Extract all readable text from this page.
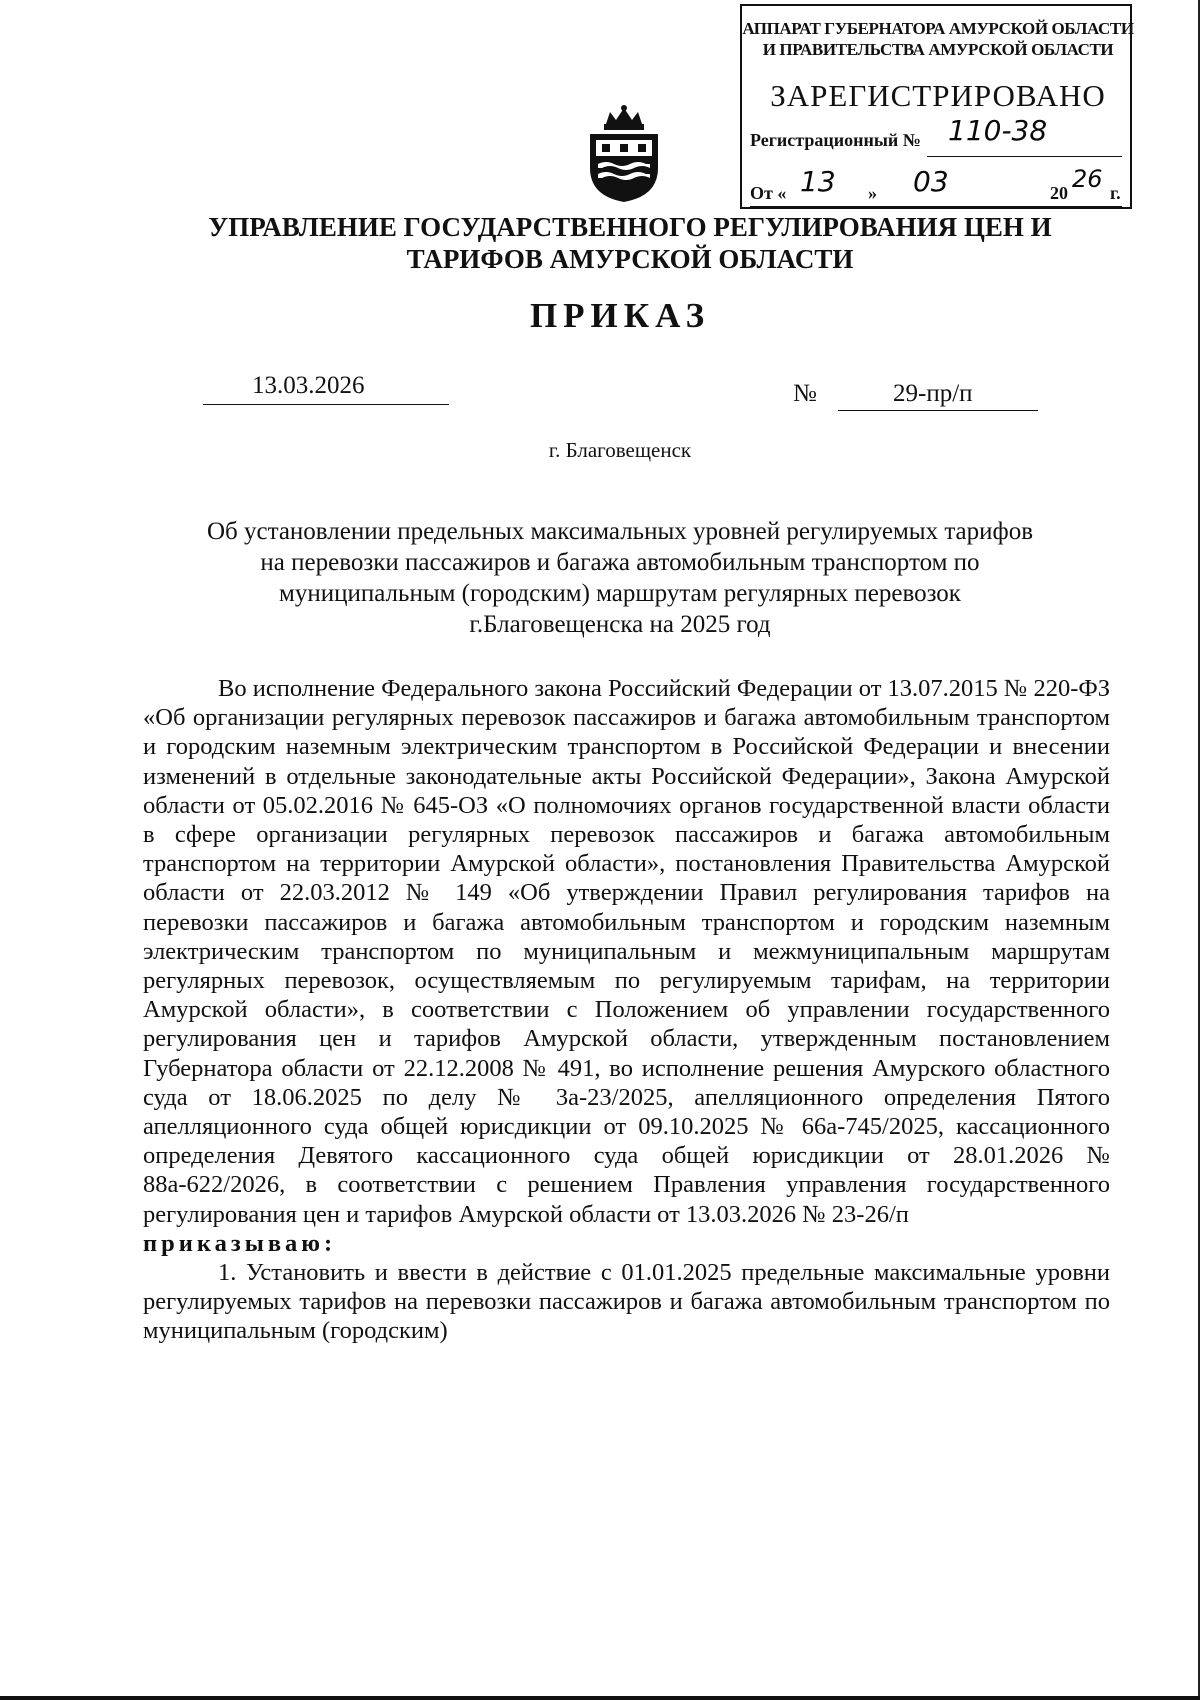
АППАРАТ ГУБЕРНАТОРА АМУРСКОЙ ОБЛАСТИ
И ПРАВИТЕЛЬСТВА АМУРСКОЙ ОБЛАСТИ
ЗАРЕГИСТРИРОВАНО
Регистрационный № 110-38
От « 13 » 03	20 26 г.
УПРАВЛЕНИЕ ГОСУДАРСТВЕННОГО РЕГУЛИРОВАНИЯ ЦЕН И
ТАРИФОВ АМУРСКОЙ ОБЛАСТИ
ПРИКАЗ
13.03.2026	№	29-пр/п
г. Благовещенск
Об установлении предельных максимальных уровней регулируемых тарифов
на перевозки пассажиров и багажа автомобильным транспортом по
муниципальным (городским) маршрутам регулярных перевозок
г.Благовещенска на 2025 год

Во исполнение Федерального закона Российский Федерации от 13.07.2015 № 220-ФЗ «Об организации регулярных перевозок пассажиров и багажа автомобильным транспортом и городским наземным электрическим транспортом в Российской Федерации и внесении изменений в отдельные законодательные акты Российской Федерации», Закона Амурской области от 05.02.2016 № 645-ОЗ «О полномочиях органов государственной власти области в сфере организации регулярных перевозок пассажиров и багажа автомобильным транспортом на территории Амурской области», постановления Правительства Амурской области от 22.03.2012 № 149 «Об утверждении Правил регулирования тарифов на перевозки пассажиров и багажа автомобильным транспортом и городским наземным электрическим транспортом по муниципальным и межмуниципальным маршрутам регулярных перевозок, осуществляемым по регулируемым тарифам, на территории Амурской области», в соответствии с Положением об управлении государственного регулирования цен и тарифов Амурской области, утвержденным постановлением Губернатора области от 22.12.2008 № 491, во исполнение решения Амурского областного суда от 18.06.2025 по делу № 3а-23/2025, апелляционного определения Пятого апелляционного суда общей юрисдикции от 09.10.2025 № 66а-745/2025, кассационного определения Девятого кассационного суда общей юрисдикции от 28.01.2026 № 88а-622/2026, в соответствии с решением Правления управления государственного регулирования цен и тарифов Амурской области от 13.03.2026 № 23-26/п

приказываю:

1. Установить и ввести в действие с 01.01.2025 предельные максимальные уровни регулируемых тарифов на перевозки пассажиров и багажа автомобильным транспортом по муниципальным (городским)
